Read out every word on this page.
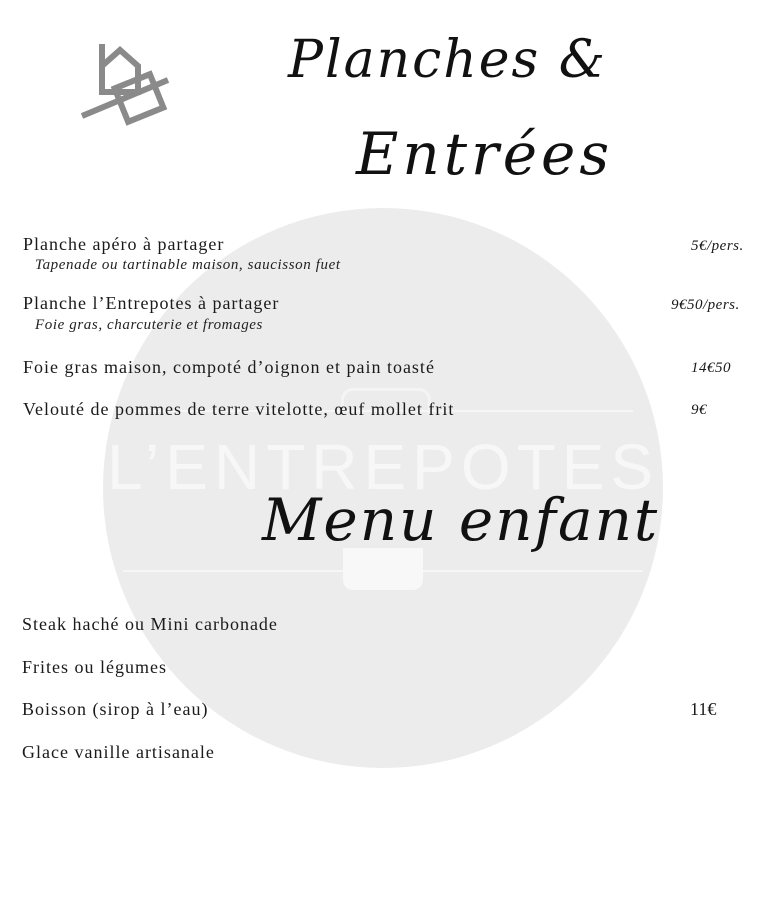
L’ENTREPOTES
Planches &
Entrées
Planche apéro à partager
Tapenade ou tartinable maison, saucisson fuet
5€/pers.
Planche l’Entrepotes à partager
Foie gras, charcuterie et fromages
9€50/pers.
Foie gras maison, compoté d’oignon et pain toasté	14€50
Velouté de pommes de terre vitelotte, œuf mollet frit	9€
Menu enfant
Steak haché ou Mini carbonade
Frites ou légumes
Boisson (sirop à l’eau)
Glace vanille artisanale
11€
